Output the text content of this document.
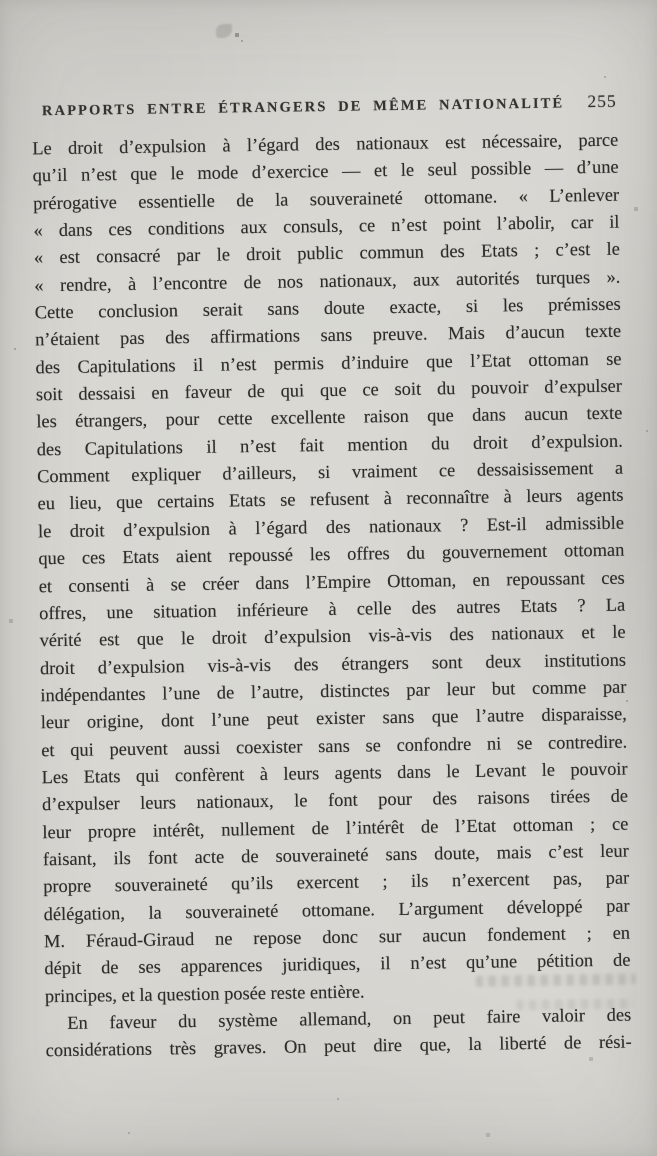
RAPPORTS ENTRE ÉTRANGERS DE MÊME NATIONALITÉ	255
Le droit d’expulsion à l’égard des nationaux est nécessaire, parce
qu’il n’est que le mode d’exercice — et le seul possible — d’une
prérogative essentielle de la souveraineté ottomane. « L’enlever
« dans ces conditions aux consuls, ce n’est point l’abolir, car il
« est consacré par le droit public commun des Etats ; c’est le
« rendre, à l’encontre de nos nationaux, aux autorités turques ».
Cette conclusion serait sans doute exacte, si les prémisses
n’étaient pas des affirmations sans preuve. Mais d’aucun texte
des Capitulations il n’est permis d’induire que l’Etat ottoman se
soit dessaisi en faveur de qui que ce soit du pouvoir d’expulser
les étrangers, pour cette excellente raison que dans aucun texte
des Capitulations il n’est fait mention du droit d’expulsion.
Comment expliquer d’ailleurs, si vraiment ce dessaisissement a
eu lieu, que certains Etats se refusent à reconnaître à leurs agents
le droit d’expulsion à l’égard des nationaux ? Est-il admissible
que ces Etats aient repoussé les offres du gouvernement ottoman
et consenti à se créer dans l’Empire Ottoman, en repoussant ces
offres, une situation inférieure à celle des autres Etats ? La
vérité est que le droit d’expulsion vis-à-vis des nationaux et le
droit d’expulsion vis-à-vis des étrangers sont deux institutions
indépendantes l’une de l’autre, distinctes par leur but comme par
leur origine, dont l’une peut exister sans que l’autre disparaisse,
et qui peuvent aussi coexister sans se confondre ni se contredire.
Les Etats qui confèrent à leurs agents dans le Levant le pouvoir
d’expulser leurs nationaux, le font pour des raisons tirées de
leur propre intérêt, nullement de l’intérêt de l’Etat ottoman ; ce
faisant, ils font acte de souveraineté sans doute, mais c’est leur
propre souveraineté qu’ils exercent ; ils n’exercent pas, par
délégation, la souveraineté ottomane. L’argument développé par
M. Féraud-Giraud ne repose donc sur aucun fondement ; en
dépit de ses apparences juridiques, il n’est qu’une pétition de
principes, et la question posée reste entière.
En faveur du système allemand, on peut faire valoir des
considérations très graves. On peut dire que, la liberté de rési-
